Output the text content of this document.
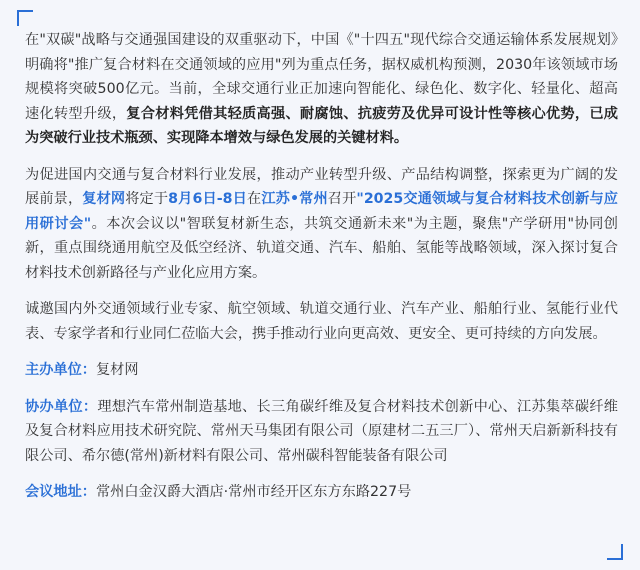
在"双碳"战略与交通强国建设的双重驱动下，中国《"十四五"现代综合交通运输体系发展规划》明确将"推广复合材料在交通领域的应用"列为重点任务，据权威机构预测，2030年该领域市场规模将突破500亿元。当前，全球交通行业正加速向智能化、绿色化、数字化、轻量化、超高速化转型升级，复合材料凭借其轻质高强、耐腐蚀、抗疲劳及优异可设计性等核心优势，已成为突破行业技术瓶颈、实现降本增效与绿色发展的关键材料。

为促进国内交通与复合材料行业发展，推动产业转型升级、产品结构调整，探索更为广阔的发展前景，复材网将定于8月6日-8日在江苏•常州召开"2025交通领域与复合材料技术创新与应用研讨会"。本次会议以"智联复材新生态，共筑交通新未来"为主题，聚焦"产学研用"协同创新，重点围绕通用航空及低空经济、轨道交通、汽车、船舶、氢能等战略领域，深入探讨复合材料技术创新路径与产业化应用方案。

诚邀国内外交通领域行业专家、航空领域、轨道交通行业、汽车产业、船舶行业、氢能行业代表、专家学者和行业同仁莅临大会，携手推动行业向更高效、更安全、更可持续的方向发展。

主办单位：复材网

协办单位：理想汽车常州制造基地、长三角碳纤维及复合材料技术创新中心、江苏集萃碳纤维及复合材料应用技术研究院、常州天马集团有限公司（原建材二五三厂）、常州天启新新科技有限公司、希尔德(常州)新材料有限公司、常州碳科智能装备有限公司

会议地址：常州白金汉爵大酒店·常州市经开区东方东路227号
